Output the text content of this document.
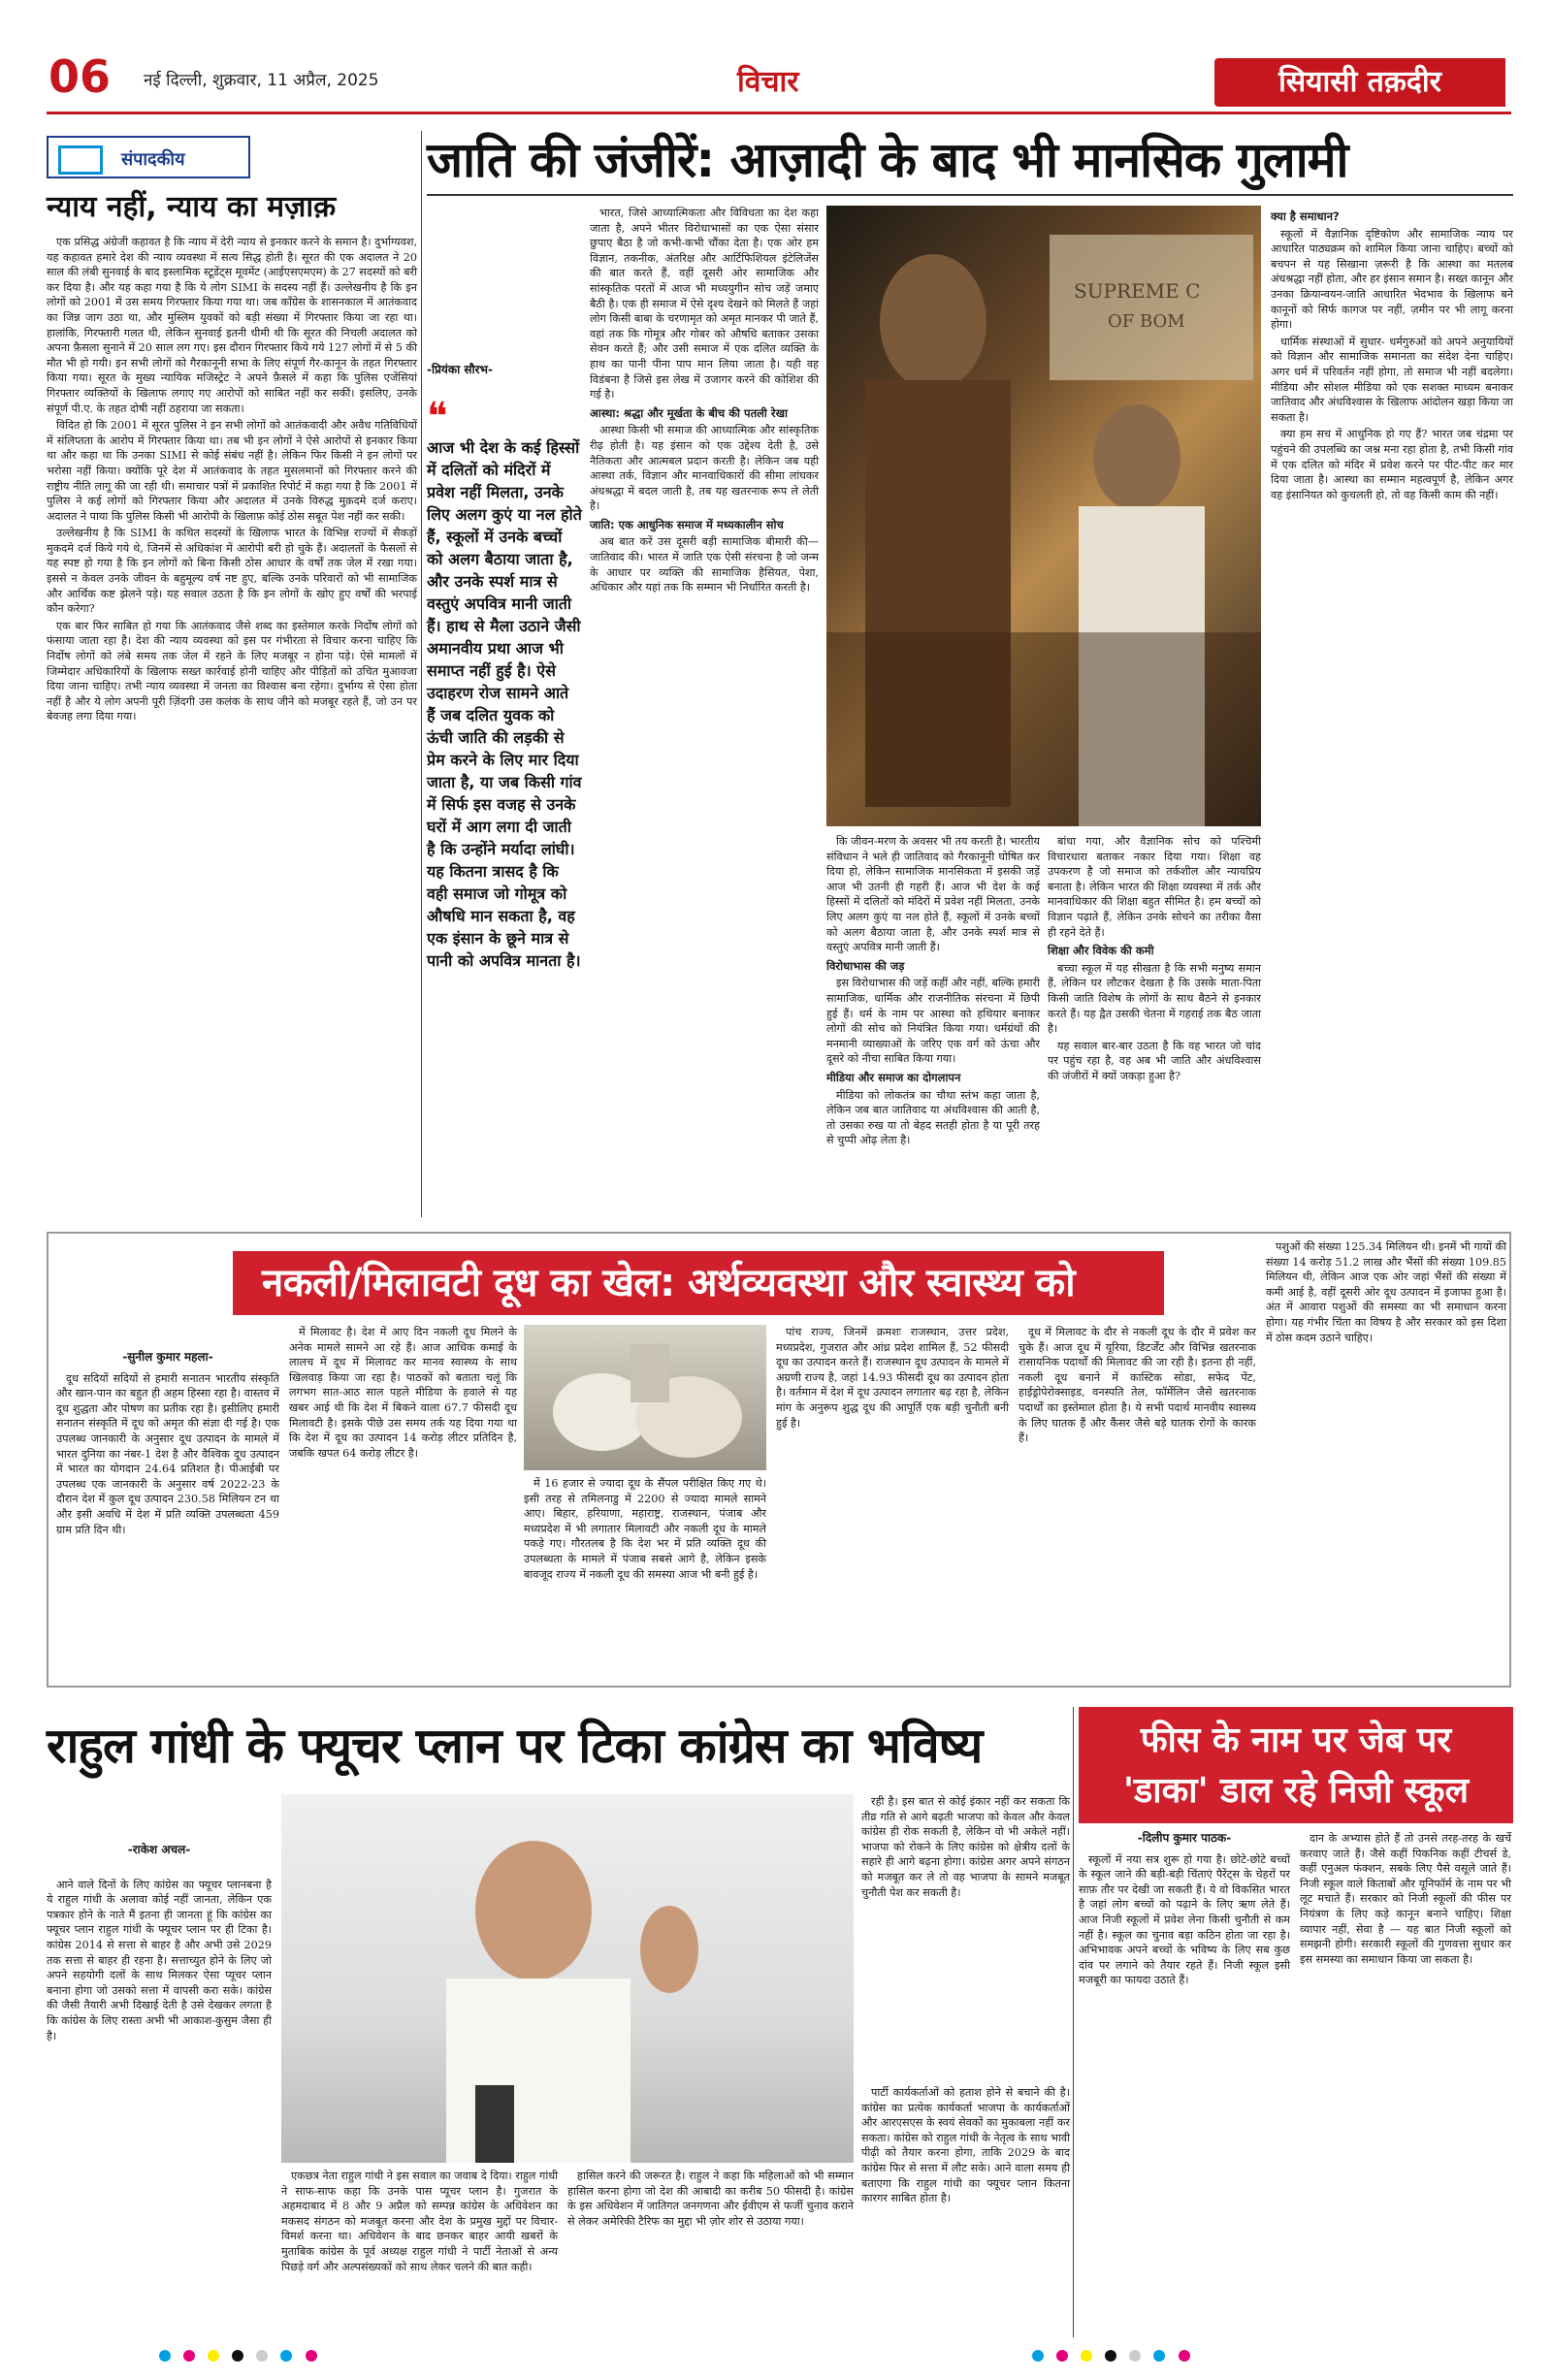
06 नई दिल्ली, शुक्रवार, 11 अप्रैल, 2025	विचार	सियासी तक़दीर
संपादकीय
न्याय नहीं, न्याय का मज़ाक़

एक प्रसिद्ध अंग्रेजी कहावत है कि न्याय में देरी न्याय से इनकार करने के समान है। दुर्भाग्यवश, यह कहावत हमारे देश की न्याय व्यवस्था में सत्य सिद्ध होती है। सूरत की एक अदालत ने 20 साल की लंबी सुनवाई के बाद इस्लामिक स्टूडेंट्स मूवमेंट (आईएसएमएम) के 27 सदस्यों को बरी कर दिया है। और यह कहा गया है कि ये लोग SIMI के सदस्य नहीं हैं। उल्लेखनीय है कि इन लोगों को 2001 में उस समय गिरफ्तार किया गया था। जब काँग्रेस के शासनकाल में आतंकवाद का जिन्न जाग उठा था, और मुस्लिम युवकों को बड़ी संख्या में गिरफ्तार किया जा रहा था। हालांकि, गिरफ्तारी गलत थी, लेकिन सुनवाई इतनी धीमी थी कि सूरत की निचली अदालत को अपना फ़ैसला सुनाने में 20 साल लग गए। इस दौरान गिरफ्तार किये गये 127 लोगों में से 5 की मौत भी हो गयी। इन सभी लोगों को गैरकानूनी सभा के लिए संपूर्ण गैर-कानून के तहत गिरफ्तार किया गया। सूरत के मुख्य न्यायिक मजिस्ट्रेट ने अपने फ़ैसले में कहा कि पुलिस एजेंसियां गिरफ्तार व्यक्तियों के खिलाफ लगाए गए आरोपों को साबित नहीं कर सकीं। इसलिए, उनके संपूर्ण पी.ए. के तहत दोषी नहीं ठहराया जा सकता।

विदित हो कि 2001 में सूरत पुलिस ने इन सभी लोगों को आतंकवादी और अवैध गतिविधियों में संलिप्तता के आरोप में गिरफ्तार किया था। तब भी इन लोगों ने ऐसे आरोपों से इनकार किया था और कहा था कि उनका SIMI से कोई संबंध नहीं है। लेकिन फिर किसी ने इन लोगों पर भरोसा नहीं किया। क्योंकि पूरे देश में आतंकवाद के तहत मुसलमानों को गिरफ्तार करने की राष्ट्रीय नीति लागू की जा रही थी। समाचार पत्रों में प्रकाशित रिपोर्ट में कहा गया है कि 2001 में पुलिस ने कई लोगों को गिरफ्तार किया और अदालत में उनके विरुद्ध मुक़दमे दर्ज कराए। अदालत ने पाया कि पुलिस किसी भी आरोपी के खिलाफ़ कोई ठोस सबूत पेश नहीं कर सकी।

उल्लेखनीय है कि SIMI के कथित सदस्यों के खिलाफ भारत के विभिन्न राज्यों में सैकड़ों मुकदमे दर्ज किये गये थे, जिनमें से अधिकांश में आरोपी बरी हो चुके हैं। अदालतों के फैसलों से यह स्पष्ट हो गया है कि इन लोगों को बिना किसी ठोस आधार के वर्षों तक जेल में रखा गया। इससे न केवल उनके जीवन के बहुमूल्य वर्ष नष्ट हुए, बल्कि उनके परिवारों को भी सामाजिक और आर्थिक कष्ट झेलने पड़े। यह सवाल उठता है कि इन लोगों के खोए हुए वर्षों की भरपाई कौन करेगा?

एक बार फिर साबित हो गया कि आतंकवाद जैसे शब्द का इस्तेमाल करके निर्दोष लोगों को फंसाया जाता रहा है। देश की न्याय व्यवस्था को इस पर गंभीरता से विचार करना चाहिए कि निर्दोष लोगों को लंबे समय तक जेल में रहने के लिए मजबूर न होना पड़े। ऐसे मामलों में जिम्मेदार अधिकारियों के खिलाफ सख्त कार्रवाई होनी चाहिए और पीड़ितों को उचित मुआवजा दिया जाना चाहिए। तभी न्याय व्यवस्था में जनता का विश्वास बना रहेगा। दुर्भाग्य से ऐसा होता नहीं है और ये लोग अपनी पूरी ज़िंदगी उस कलंक के साथ जीने को मजबूर रहते हैं, जो उन पर बेवजह लगा दिया गया।

जाति की जंजीरें: आज़ादी के बाद भी मानसिक गुलामी
-प्रियंका सौरभ-
❝
आज भी देश के कई हिस्सों में दलितों को मंदिरों में प्रवेश नहीं मिलता, उनके लिए अलग कुएं या नल होते हैं, स्कूलों में उनके बच्चों को अलग बैठाया जाता है, और उनके स्पर्श मात्र से वस्तुएं अपवित्र मानी जाती हैं। हाथ से मैला उठाने जैसी अमानवीय प्रथा आज भी समाप्त नहीं हुई है। ऐसे उदाहरण रोज सामने आते हैं जब दलित युवक को ऊंची जाति की लड़की से प्रेम करने के लिए मार दिया जाता है, या जब किसी गांव में सिर्फ इस वजह से उनके घरों में आग लगा दी जाती है कि उन्होंने मर्यादा लांघी। यह कितना त्रासद है कि वही समाज जो गोमूत्र को औषधि मान सकता है, वह एक इंसान के छूने मात्र से पानी को अपवित्र मानता है।

भारत, जिसे आध्यात्मिकता और विविधता का देश कहा जाता है, अपने भीतर विरोधाभासों का एक ऐसा संसार छुपाए बैठा है जो कभी-कभी चौंका देता है। एक ओर हम विज्ञान, तकनीक, अंतरिक्ष और आर्टिफिशियल इंटेलिजेंस की बात करते हैं, वहीं दूसरी ओर सामाजिक और सांस्कृतिक परतों में आज भी मध्ययुगीन सोच जड़ें जमाए बैठी है। एक ही समाज में ऐसे दृश्य देखने को मिलते हैं जहां लोग किसी बाबा के चरणामृत को अमृत मानकर पी जाते हैं, वहां तक कि गोमूत्र और गोबर को औषधि बताकर उसका सेवन करते हैं; और उसी समाज में एक दलित व्यक्ति के हाथ का पानी पीना पाप मान लिया जाता है। यही वह विडंबना है जिसे इस लेख में उजागर करने की कोशिश की गई है।

आस्था: श्रद्धा और मूर्खता के बीच की पतली रेखा

आस्था किसी भी समाज की आध्यात्मिक और सांस्कृतिक रीढ़ होती है। यह इंसान को एक उद्देश्य देती है, उसे नैतिकता और आत्मबल प्रदान करती है। लेकिन जब यही आस्था तर्क, विज्ञान और मानवाधिकारों की सीमा लांघकर अंधश्रद्धा में बदल जाती है, तब यह खतरनाक रूप ले लेती है।

जाति: एक आधुनिक समाज में मध्यकालीन सोच

अब बात करें उस दूसरी बड़ी सामाजिक बीमारी की—जातिवाद की। भारत में जाति एक ऐसी संरचना है जो जन्म के आधार पर व्यक्ति की सामाजिक हैसियत, पेशा, अधिकार और यहां तक कि सम्मान भी निर्धारित करती है।

SUPREME C
OF BOM

कि जीवन-मरण के अवसर भी तय करती है। भारतीय संविधान ने भले ही जातिवाद को गैरकानूनी घोषित कर दिया हो, लेकिन सामाजिक मानसिकता में इसकी जड़ें आज भी उतनी ही गहरी हैं। आज भी देश के कई हिस्सों में दलितों को मंदिरों में प्रवेश नहीं मिलता, उनके लिए अलग कुएं या नल होते हैं, स्कूलों में उनके बच्चों को अलग बैठाया जाता है, और उनके स्पर्श मात्र से वस्तुएं अपवित्र मानी जाती हैं।

विरोधाभास की जड़

इस विरोधाभास की जड़ें कहीं और नहीं, बल्कि हमारी सामाजिक, धार्मिक और राजनीतिक संरचना में छिपी हुई हैं। धर्म के नाम पर आस्था को हथियार बनाकर लोगों की सोच को नियंत्रित किया गया। धर्मग्रंथों की मनमानी व्याख्याओं के जरिए एक वर्ग को ऊंचा और दूसरे को नीचा साबित किया गया।

मीडिया और समाज का दोगलापन

मीडिया को लोकतंत्र का चौथा स्तंभ कहा जाता है, लेकिन जब बात जातिवाद या अंधविश्वास की आती है, तो उसका रुख या तो बेहद सतही होता है या पूरी तरह से चुप्पी ओढ़ लेता है।

बांधा गया, और वैज्ञानिक सोच को पश्चिमी विचारधारा बताकर नकार दिया गया। शिक्षा वह उपकरण है जो समाज को तर्कशील और न्यायप्रिय बनाता है। लेकिन भारत की शिक्षा व्यवस्था में तर्क और मानवाधिकार की शिक्षा बहुत सीमित है। हम बच्चों को विज्ञान पढ़ाते हैं, लेकिन उनके सोचने का तरीका वैसा ही रहने देते हैं।

शिक्षा और विवेक की कमी

बच्चा स्कूल में यह सीखता है कि सभी मनुष्य समान हैं, लेकिन घर लौटकर देखता है कि उसके माता-पिता किसी जाति विशेष के लोगों के साथ बैठने से इनकार करते हैं। यह द्वैत उसकी चेतना में गहराई तक बैठ जाता है।

यह सवाल बार-बार उठता है कि वह भारत जो चांद पर पहुंच रहा है, वह अब भी जाति और अंधविश्वास की जंजीरों में क्यों जकड़ा हुआ है?

क्या है समाधान?

स्कूलों में वैज्ञानिक दृष्टिकोण और सामाजिक न्याय पर आधारित पाठ्यक्रम को शामिल किया जाना चाहिए। बच्चों को बचपन से यह सिखाना ज़रूरी है कि आस्था का मतलब अंधश्रद्धा नहीं होता, और हर इंसान समान है। सख्त कानून और उनका क्रियान्वयन-जाति आधारित भेदभाव के खिलाफ बने कानूनों को सिर्फ कागज पर नहीं, ज़मीन पर भी लागू करना होगा।

धार्मिक संस्थाओं में सुधार- धर्मगुरुओं को अपने अनुयायियों को विज्ञान और सामाजिक समानता का संदेश देना चाहिए। अगर धर्म में परिवर्तन नहीं होगा, तो समाज भी नहीं बदलेगा। मीडिया और सोशल मीडिया को एक सशक्त माध्यम बनाकर जातिवाद और अंधविश्वास के खिलाफ आंदोलन खड़ा किया जा सकता है।

क्या हम सच में आधुनिक हो गए हैं? भारत जब चंद्रमा पर पहुंचने की उपलब्धि का जश्न मना रहा होता है, तभी किसी गांव में एक दलित को मंदिर में प्रवेश करने पर पीट-पीट कर मार दिया जाता है। आस्था का सम्मान महत्वपूर्ण है, लेकिन अगर वह इंसानियत को कुचलती हो, तो वह किसी काम की नहीं।

नकली/मिलावटी दूध का खेल: अर्थव्यवस्था और स्वास्थ्य को चंपत!
-सुनील कुमार महला-

दूध सदियों सदियों से हमारी सनातन भारतीय संस्कृति और खान-पान का बहुत ही अहम हिस्सा रहा है। वास्तव में दूध शुद्धता और पोषण का प्रतीक रहा है। इसीलिए हमारी सनातन संस्कृति में दूध को अमृत की संज्ञा दी गई है। एक उपलब्ध जानकारी के अनुसार दूध उत्पादन के मामले में भारत दुनिया का नंबर-1 देश है और वैश्विक दूध उत्पादन में भारत का योगदान 24.64 प्रतिशत है। पीआईबी पर उपलब्ध एक जानकारी के अनुसार वर्ष 2022-23 के दौरान देश में कुल दूध उत्पादन 230.58 मिलियन टन था और इसी अवधि में देश में प्रति व्यक्ति उपलब्धता 459 ग्राम प्रति दिन थी।

में मिलावट है। देश में आए दिन नकली दूध मिलने के अनेक मामले सामने आ रहे हैं। आज आधिक कमाई के लालच में दूध में मिलावट कर मानव स्वास्थ्य के साथ खिलवाड़ किया जा रहा है। पाठकों को बताता चलूं कि लगभग सात-आठ साल पहले मीडिया के हवाले से यह खबर आई थी कि देश में बिकने वाला 67.7 फीसदी दूध मिलावटी है। इसके पीछे उस समय तर्क यह दिया गया था कि देश में दूध का उत्पादन 14 करोड़ लीटर प्रतिदिन है, जबकि खपत 64 करोड़ लीटर है।

में 16 हजार से ज्यादा दूध के सैंपल परीक्षित किए गए थे। इसी तरह से तमिलनाडु में 2200 से ज्यादा मामले सामने आए। बिहार, हरियाणा, महाराष्ट्र, राजस्थान, पंजाब और मध्यप्रदेश में भी लगातार मिलावटी और नकली दूध के मामले पकड़े गए। गौरतलब है कि देश भर में प्रति व्यक्ति दूध की उपलब्धता के मामले में पंजाब सबसे आगे है, लेकिन इसके बावजूद राज्य में नकली दूध की समस्या आज भी बनी हुई है।

पांच राज्य, जिनमें क्रमशः राजस्थान, उत्तर प्रदेश, मध्यप्रदेश, गुजरात और आंध्र प्रदेश शामिल हैं, 52 फीसदी दूध का उत्पादन करते हैं। राजस्थान दूध उत्पादन के मामले में अग्रणी राज्य है, जहां 14.93 फीसदी दूध का उत्पादन होता है। वर्तमान में देश में दूध उत्पादन लगातार बढ़ रहा है, लेकिन मांग के अनुरूप शुद्ध दूध की आपूर्ति एक बड़ी चुनौती बनी हुई है।

दूध में मिलावट के दौर से नकली दूध के दौर में प्रवेश कर चुके हैं। आज दूध में यूरिया, डिटर्जेंट और विभिन्न खतरनाक रासायनिक पदार्थों की मिलावट की जा रही है। इतना ही नहीं, नकली दूध बनाने में कास्टिक सोडा, सफेद पेंट, हाईड्रोपेरोक्साइड, वनस्पति तेल, फॉर्मेलिन जैसे खतरनाक पदार्थों का इस्तेमाल होता है। ये सभी पदार्थ मानवीय स्वास्थ्य के लिए घातक हैं और कैंसर जैसे बड़े घातक रोगों के कारक हैं।

पशुओं की संख्या 125.34 मिलियन थी। इनमें भी गायों की संख्या 14 करोड़ 51.2 लाख और भैंसों की संख्या 109.85 मिलियन थी, लेकिन आज एक ओर जहां भैंसों की संख्या में कमी आई है, वहीं दूसरी ओर दूध उत्पादन में इजाफा हुआ है। अंत में आवारा पशुओं की समस्या का भी समाधान करना होगा। यह गंभीर चिंता का विषय है और सरकार को इस दिशा में ठोस कदम उठाने चाहिए।

राहुल गांधी के फ्यूचर प्लान पर टिका कांग्रेस का भविष्य
-राकेश अचल-

आने वाले दिनों के लिए कांग्रेस का फ्यूचर प्लानबना है ये राहुल गांधी के अलावा कोई नहीं जानता, लेकिन एक पत्रकार होने के नाते मैं इतना ही जानता हूं कि कांग्रेस का फ्यूचर प्लान राहुल गांधी के फ्यूचर प्लान पर ही टिका है। कांग्रेस 2014 से सत्ता से बाहर है और अभी उसे 2029 तक सत्ता से बाहर ही रहना है। सत्ताच्युत होने के लिए जो अपने सहयोगी दलों के साथ मिलकर ऐसा प्यूचर प्लान बनाना होगा जो उसको सत्ता में वापसी करा सके। कांग्रेस की जैसी तैयारी अभी दिखाई देती है उसे देखकर लगता है कि कांग्रेस के लिए रास्ता अभी भी आकाश-कुसुम जैसा ही है।

एकछत्र नेता राहुल गांधी ने इस सवाल का जवाब दे दिया। राहुल गांधी ने साफ-साफ कहा कि उनके पास प्यूचर प्लान है। गुजरात के अहमदाबाद में 8 और 9 अप्रैल को सम्पन्न कांग्रेस के अधिवेशन का मकसद संगठन को मजबूत करना और देश के प्रमुख मुद्दों पर विचार-विमर्श करना था। अधिवेशन के बाद छनकर बाहर आयी खबरों के मुताबिक कांग्रेस के पूर्व अध्यक्ष राहुल गांधी ने पार्टी नेताओं से अन्य पिछड़े वर्ग और अल्पसंख्यकों को साथ लेकर चलने की बात कही।

हासिल करने की जरूरत है। राहुल ने कहा कि महिलाओं को भी सम्मान हासिल करना होगा जो देश की आबादी का करीब 50 फीसदी है। कांग्रेस के इस अधिवेशन में जातिगत जनगणना और ईवीएम से फर्जी चुनाव कराने से लेकर अमेरिकी टैरिफ का मुद्दा भी ज़ोर शोर से उठाया गया।

रही है। इस बात से कोई इंकार नहीं कर सकता कि तीव्र गति से आगे बढ़ती भाजपा को केवल और केवल कांग्रेस ही रोक सकती है, लेकिन वो भी अकेले नहीं। भाजपा को रोकने के लिए कांग्रेस को क्षेत्रीय दलों के सहारे ही आगे बढ़ना होगा। कांग्रेस अगर अपने संगठन को मजबूत कर ले तो वह भाजपा के सामने मजबूत चुनौती पेश कर सकती है।

पार्टी कार्यकर्ताओं को हताश होने से बचाने की है। कांग्रेस का प्रत्येक कार्यकर्ता भाजपा के कार्यकर्ताओं और आरएसएस के स्वयं सेवकों का मुकाबला नहीं कर सकता। कांग्रेस को राहुल गांधी के नेतृत्व के साथ भावी पीढ़ी को तैयार करना होगा, ताकि 2029 के बाद कांग्रेस फिर से सत्ता में लौट सके। आने वाला समय ही बताएगा कि राहुल गांधी का फ्यूचर प्लान कितना कारगर साबित होता है।

फीस के नाम पर जेब पर
'डाका' डाल रहे निजी स्कूल
-दिलीप कुमार पाठक-

स्कूलों में नया सत्र शुरू हो गया है। छोटे-छोटे बच्चों के स्कूल जाने की बड़ी-बड़ी चिंताएं पैरेंट्स के चेहरों पर साफ़ तौर पर देखी जा सकती हैं। ये वो विकसित भारत है जहां लोग बच्चों को पढ़ाने के लिए ऋण लेते हैं। आज निजी स्कूलों में प्रवेश लेना किसी चुनौती से कम नहीं है। स्कूल का चुनाव बड़ा कठिन होता जा रहा है। अभिभावक अपने बच्चों के भविष्य के लिए सब कुछ दांव पर लगाने को तैयार रहते हैं। निजी स्कूल इसी मजबूरी का फायदा उठाते हैं।

दान के अभ्यास होते हैं तो उनसे तरह-तरह के खर्चे करवाए जाते हैं। जैसे कहीं पिकनिक कहीं टीचर्स डे, कहीं एनुअल फंक्शन, सबके लिए पैसे वसूले जाते हैं। निजी स्कूल वाले किताबों और यूनिफॉर्म के नाम पर भी लूट मचाते हैं। सरकार को निजी स्कूलों की फीस पर नियंत्रण के लिए कड़े कानून बनाने चाहिए। शिक्षा व्यापार नहीं, सेवा है — यह बात निजी स्कूलों को समझनी होगी। सरकारी स्कूलों की गुणवत्ता सुधार कर इस समस्या का समाधान किया जा सकता है।
